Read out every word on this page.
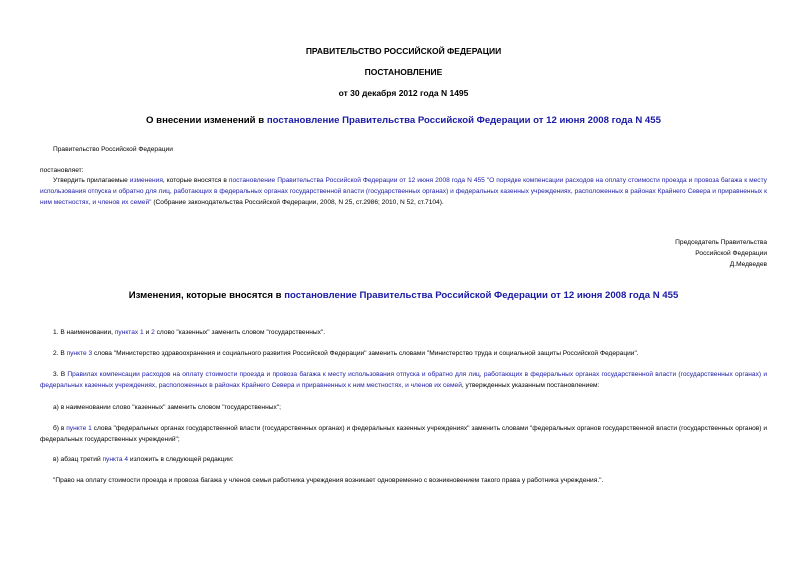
ПРАВИТЕЛЬСТВО РОССИЙСКОЙ ФЕДЕРАЦИИ
ПОСТАНОВЛЕНИЕ
от 30 декабря 2012 года N 1495
О внесении изменений в постановление Правительства Российской Федерации от 12 июня 2008 года N 455
Правительство Российской Федерации
постановляет:
Утвердить прилагаемые изменения, которые вносятся в постановление Правительства Российской Федерации от 12 июня 2008 года N 455 "О порядке компенсации расходов на оплату стоимости проезда и провоза багажа к месту использования отпуска и обратно для лиц, работающих в федеральных органах государственной власти (государственных органах) и федеральных казенных учреждениях, расположенных в районах Крайнего Севера и приравненных к ним местностях, и членов их семей" (Собрание законодательства Российской Федерации, 2008, N 25, ст.2986; 2010, N 52, ст.7104).
Председатель Правительства
Российской Федерации
Д.Медведев
Изменения, которые вносятся в постановление Правительства Российской Федерации от 12 июня 2008 года N 455
1. В наименовании, пунктах 1 и 2 слово "казенных" заменить словом "государственных".
2. В пункте 3 слова "Министерство здравоохранения и социального развития Российской Федерации" заменить словами "Министерство труда и социальной защиты Российской Федерации".
3. В Правилах компенсации расходов на оплату стоимости проезда и провоза багажа к месту использования отпуска и обратно для лиц, работающих в федеральных органах государственной власти (государственных органах) и федеральных казенных учреждениях, расположенных в районах Крайнего Севера и приравненных к ним местностях, и членов их семей, утвержденных указанным постановлением:
а) в наименовании слово "казенных" заменить словом "государственных";
б) в пункте 1 слова "федеральных органах государственной власти (государственных органах) и федеральных казенных учреждениях" заменить словами "федеральных органов государственной власти (государственных органов) и федеральных государственных учреждений";
в) абзац третий пункта 4 изложить в следующей редакции:
"Право на оплату стоимости проезда и провоза багажа у членов семьи работника учреждения возникает одновременно с возникновением такого права у работника учреждения.".
